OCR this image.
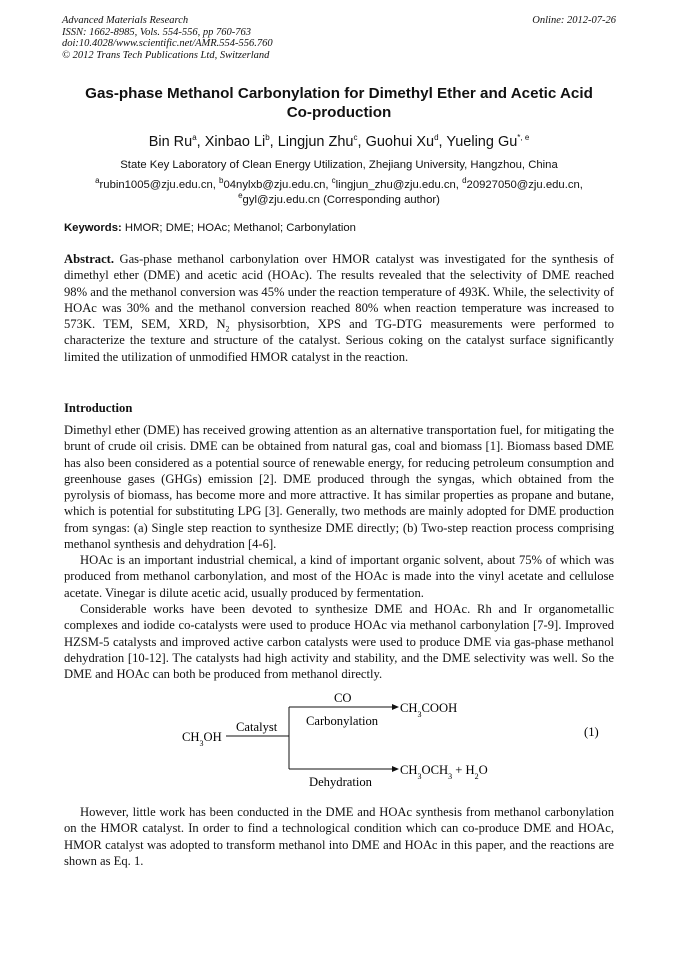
Advanced Materials Research
ISSN: 1662-8985, Vols. 554-556, pp 760-763
doi:10.4028/www.scientific.net/AMR.554-556.760
© 2012 Trans Tech Publications Ltd, Switzerland
Online: 2012-07-26
Gas-phase Methanol Carbonylation for Dimethyl Ether and Acetic Acid
Co-production
Bin Ru$^a$, Xinbao Li$^b$, Lingjun Zhu$^c$, Guohui Xu$^d$, Yueling $Gu^{*, e}$
State Key Laboratory of Clean Energy Utilization, Zhejiang University, Hangzhou, China
$^a$rubin1005@zju.edu.cn, $^b$04nylxb@zju.edu.cn, $^c$lingjun_zhu@zju.edu.cn, $^d$20927050@zju.edu.cn,
$^e$gyl@zju.edu.cn (Corresponding author)
Keywords: HMOR; DME; HOAc; Methanol; Carbonylation
Abstract. Gas-phase methanol carbonylation over HMOR catalyst was investigated for the synthesis of dimethyl ether (DME) and acetic acid (HOAc). The results revealed that the selectivity of DME reached 98% and the methanol conversion was 45% under the reaction temperature of 493K. While, the selectivity of HOAc was 30% and the methanol conversion reached 80% when reaction temperature was increased to 573K. TEM, SEM, XRD, $N_2$ physisorbtion, XPS and TG-DTG measurements were performed to characterize the texture and structure of the catalyst. Serious coking on the catalyst surface significantly limited the utilization of unmodified HMOR catalyst in the reaction.
Introduction
Dimethyl ether (DME) has received growing attention as an alternative transportation fuel, for mitigating the brunt of crude oil crisis. DME can be obtained from natural gas, coal and biomass [1]. Biomass based DME has also been considered as a potential source of renewable energy, for reducing petroleum consumption and greenhouse gases (GHGs) emission [2]. DME produced through the syngas, which obtained from the pyrolysis of biomass, has become more and more attractive. It has similar properties as propane and butane, which is potential for substituting LPG [3]. Generally, two methods are mainly adopted for DME production from syngas: (a) Single step reaction to synthesize DME directly; (b) Two-step reaction process comprising methanol synthesis and dehydration [4-6].
HOAc is an important industrial chemical, a kind of important organic solvent, about 75% of which was produced from methanol carbonylation, and most of the HOAc is made into the vinyl acetate and cellulose acetate. Vinegar is dilute acetic acid, usually produced by fermentation.
Considerable works have been devoted to synthesize DME and HOAc. Rh and Ir organometallic complexes and iodide co-catalysts were used to produce HOAc via methanol carbonylation [7-9]. Improved HZSM-5 catalysts and improved active carbon catalysts were used to produce DME via gas-phase methanol dehydration [10-12]. The catalysts had high activity and stability, and the DME selectivity was well. So the DME and HOAc can both be produced from methanol directly.
$CH_3OH$
Catalyst
CO
Carbonylation
$CH_3COOH$
Dehydration
$CH_3OCH_3 + H_2O$
(1)
However, little work has been conducted in the DME and HOAc synthesis from methanol carbonylation on the HMOR catalyst. In order to find a technological condition which can co-produce DME and HOAc, HMOR catalyst was adopted to transform methanol into DME and HOAc in this paper, and the reactions are shown as Eq. 1.
